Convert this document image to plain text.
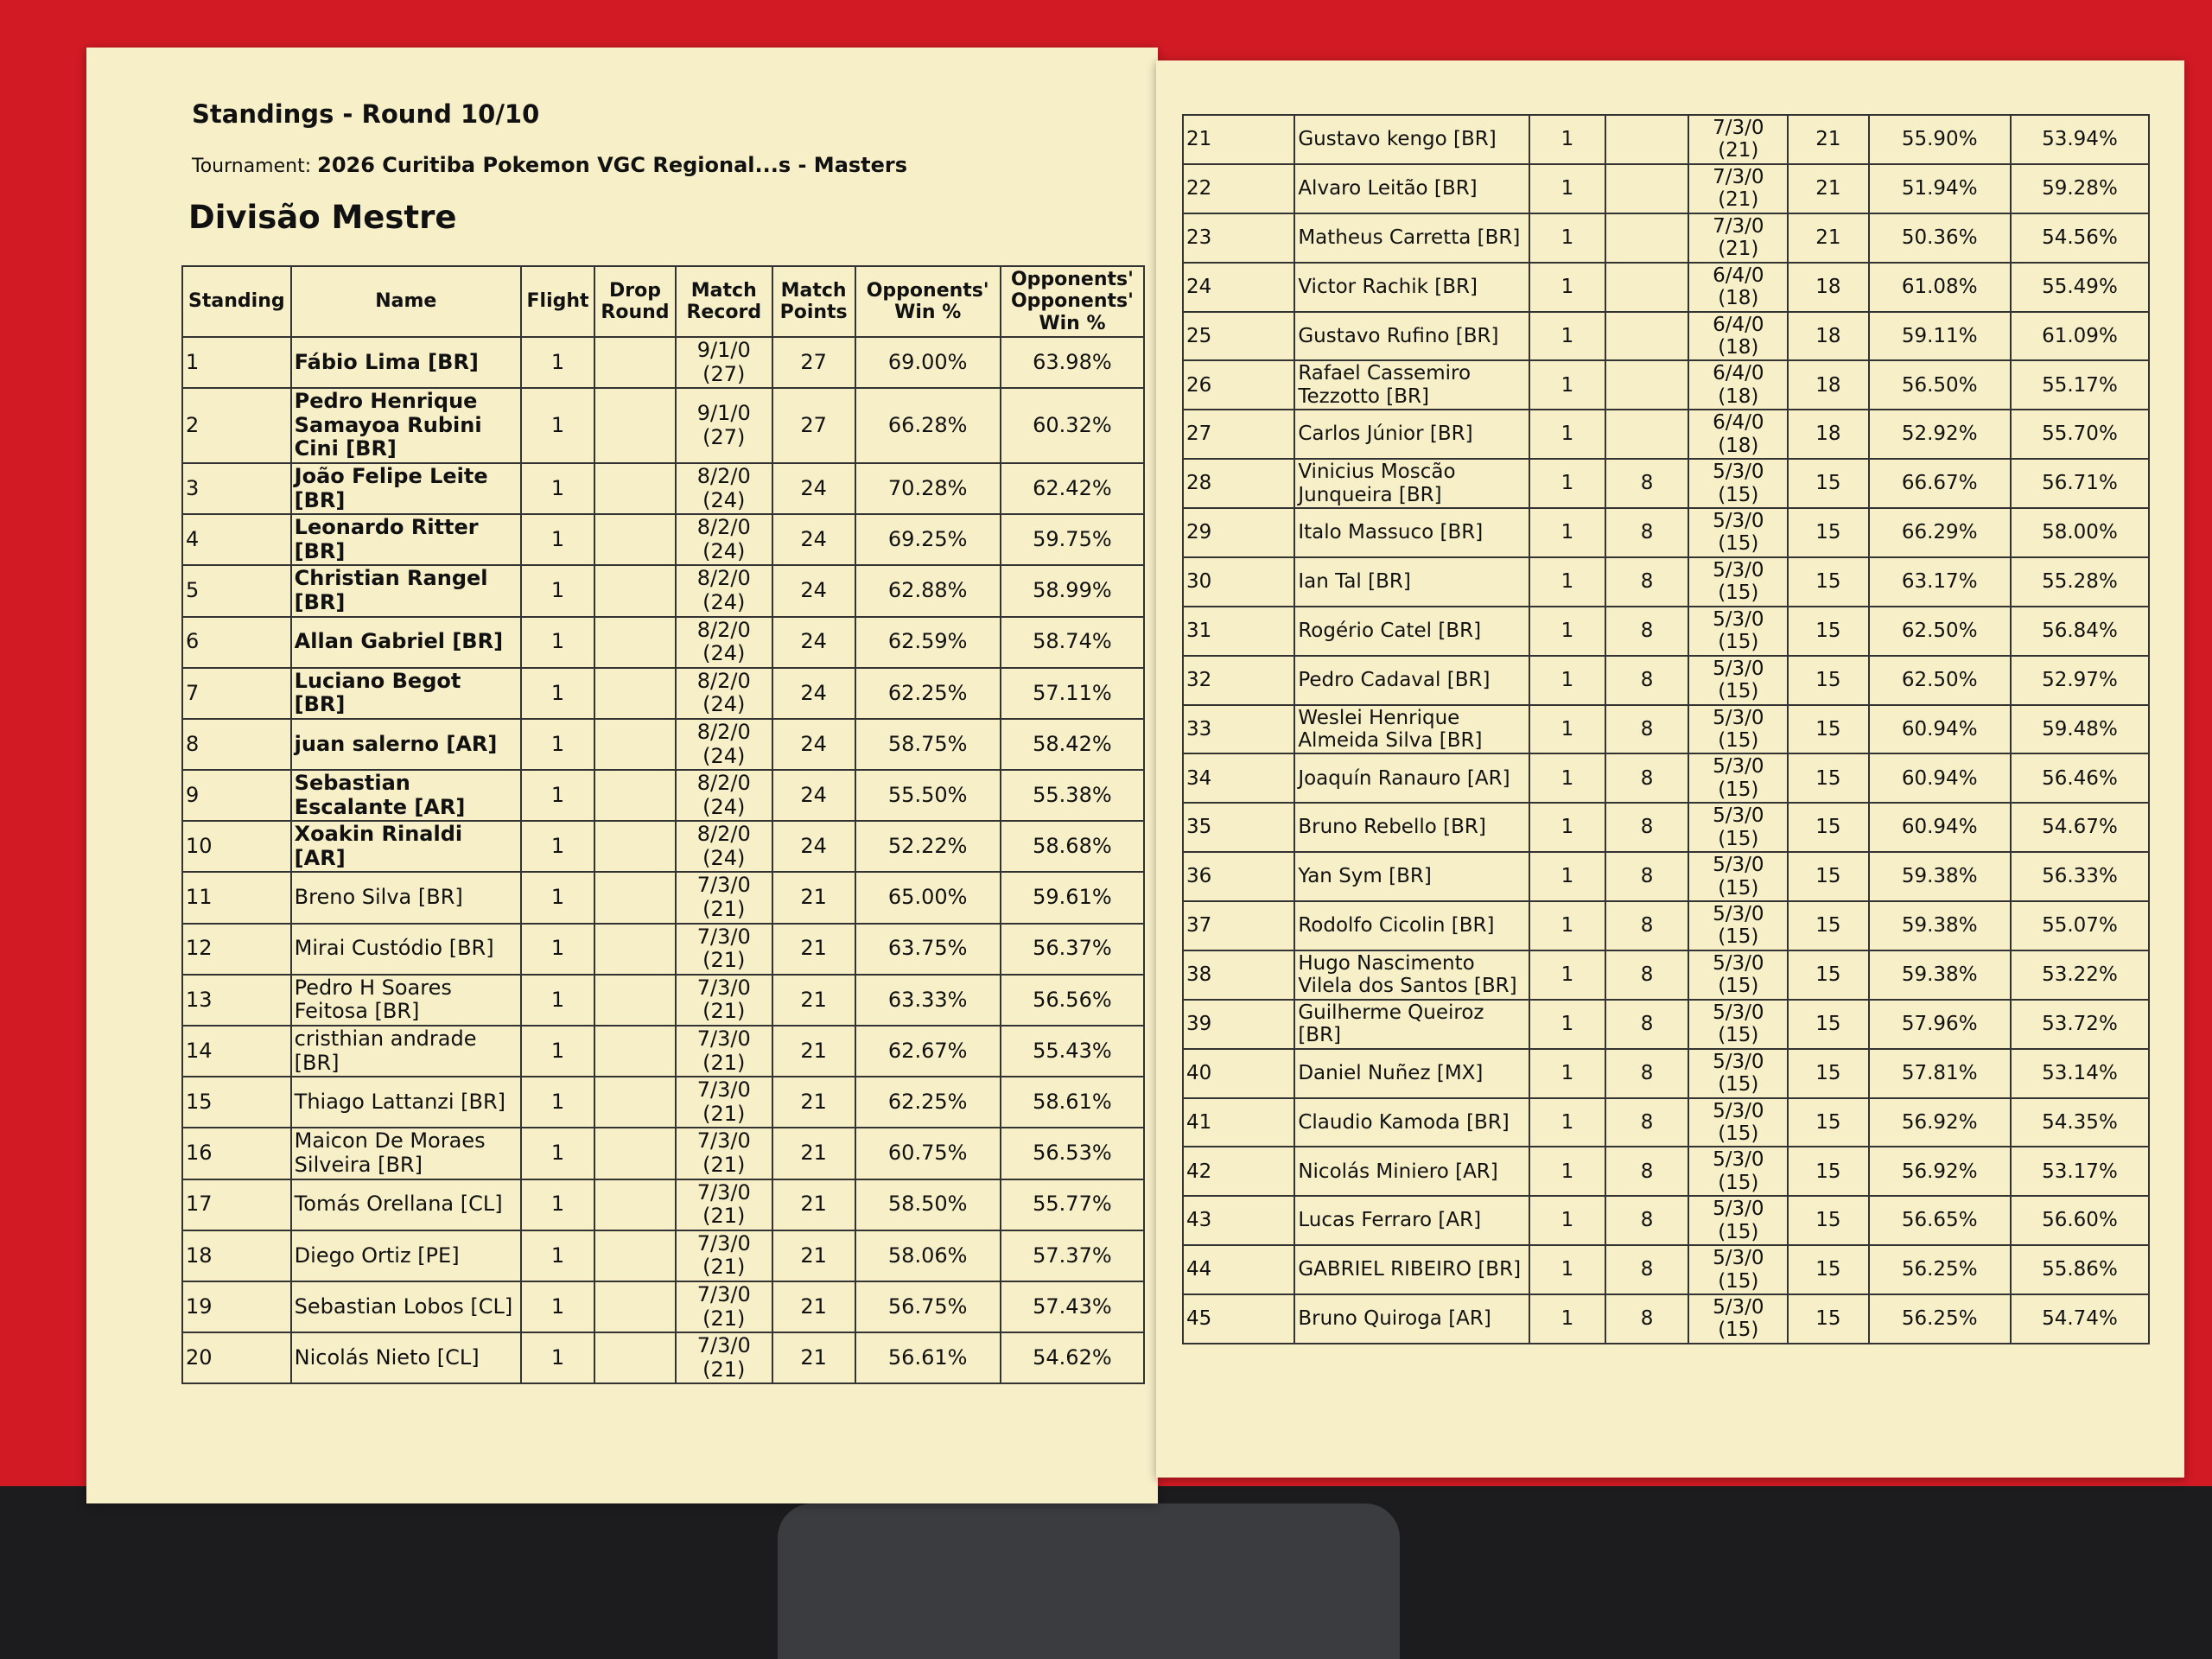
Standings - Round 10/10
Tournament: 2026 Curitiba Pokemon VGC Regional...s - Masters
Divisão Mestre
Standing	Name	Flight	Drop Round	Match Record	Match Points	Opponents' Win %	Opponents' Opponents' Win %
1	Fábio Lima [BR]	1		9/1/0 (27)	27	69.00%	63.98%
2	Pedro Henrique Samayoa Rubini Cini [BR]	1		9/1/0 (27)	27	66.28%	60.32%
3	João Felipe Leite [BR]	1		8/2/0 (24)	24	70.28%	62.42%
4	Leonardo Ritter [BR]	1		8/2/0 (24)	24	69.25%	59.75%
5	Christian Rangel [BR]	1		8/2/0 (24)	24	62.88%	58.99%
6	Allan Gabriel [BR]	1		8/2/0 (24)	24	62.59%	58.74%
7	Luciano Begot [BR]	1		8/2/0 (24)	24	62.25%	57.11%
8	juan salerno [AR]	1		8/2/0 (24)	24	58.75%	58.42%
9	Sebastian Escalante [AR]	1		8/2/0 (24)	24	55.50%	55.38%
10	Xoakin Rinaldi [AR]	1		8/2/0 (24)	24	52.22%	58.68%
11	Breno Silva [BR]	1		7/3/0 (21)	21	65.00%	59.61%
12	Mirai Custódio [BR]	1		7/3/0 (21)	21	63.75%	56.37%
13	Pedro H Soares Feitosa [BR]	1		7/3/0 (21)	21	63.33%	56.56%
14	cristhian andrade [BR]	1		7/3/0 (21)	21	62.67%	55.43%
15	Thiago Lattanzi [BR]	1		7/3/0 (21)	21	62.25%	58.61%
16	Maicon De Moraes Silveira [BR]	1		7/3/0 (21)	21	60.75%	56.53%
17	Tomás Orellana [CL]	1		7/3/0 (21)	21	58.50%	55.77%
18	Diego Ortiz [PE]	1		7/3/0 (21)	21	58.06%	57.37%
19	Sebastian Lobos [CL]	1		7/3/0 (21)	21	56.75%	57.43%
20	Nicolás Nieto [CL]	1		7/3/0 (21)	21	56.61%	54.62%
21	Gustavo kengo [BR]	1		7/3/0 (21)	21	55.90%	53.94%
22	Alvaro Leitão [BR]	1		7/3/0 (21)	21	51.94%	59.28%
23	Matheus Carretta [BR]	1		7/3/0 (21)	21	50.36%	54.56%
24	Victor Rachik [BR]	1		6/4/0 (18)	18	61.08%	55.49%
25	Gustavo Rufino [BR]	1		6/4/0 (18)	18	59.11%	61.09%
26	Rafael Cassemiro Tezzotto [BR]	1		6/4/0 (18)	18	56.50%	55.17%
27	Carlos Júnior [BR]	1		6/4/0 (18)	18	52.92%	55.70%
28	Vinicius Moscão Junqueira [BR]	1	8	5/3/0 (15)	15	66.67%	56.71%
29	Italo Massuco [BR]	1	8	5/3/0 (15)	15	66.29%	58.00%
30	Ian Tal [BR]	1	8	5/3/0 (15)	15	63.17%	55.28%
31	Rogério Catel [BR]	1	8	5/3/0 (15)	15	62.50%	56.84%
32	Pedro Cadaval [BR]	1	8	5/3/0 (15)	15	62.50%	52.97%
33	Weslei Henrique Almeida Silva [BR]	1	8	5/3/0 (15)	15	60.94%	59.48%
34	Joaquín Ranauro [AR]	1	8	5/3/0 (15)	15	60.94%	56.46%
35	Bruno Rebello [BR]	1	8	5/3/0 (15)	15	60.94%	54.67%
36	Yan Sym [BR]	1	8	5/3/0 (15)	15	59.38%	56.33%
37	Rodolfo Cicolin [BR]	1	8	5/3/0 (15)	15	59.38%	55.07%
38	Hugo Nascimento Vilela dos Santos [BR]	1	8	5/3/0 (15)	15	59.38%	53.22%
39	Guilherme Queiroz [BR]	1	8	5/3/0 (15)	15	57.96%	53.72%
40	Daniel Nuñez [MX]	1	8	5/3/0 (15)	15	57.81%	53.14%
41	Claudio Kamoda [BR]	1	8	5/3/0 (15)	15	56.92%	54.35%
42	Nicolás Miniero [AR]	1	8	5/3/0 (15)	15	56.92%	53.17%
43	Lucas Ferraro [AR]	1	8	5/3/0 (15)	15	56.65%	56.60%
44	GABRIEL RIBEIRO [BR]	1	8	5/3/0 (15)	15	56.25%	55.86%
45	Bruno Quiroga [AR]	1	8	5/3/0 (15)	15	56.25%	54.74%
